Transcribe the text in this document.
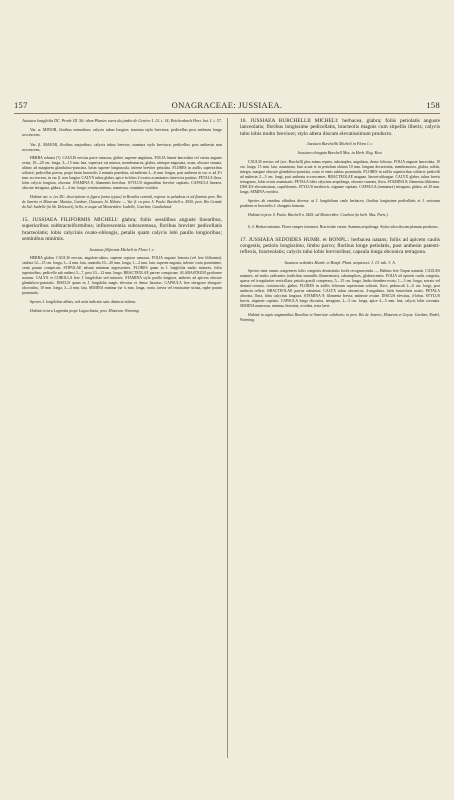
157	ONAGRACEAE: JUSSIAEA.	158

Jussiaea longifolia DC. Prodr. III. 56; idem Plantes rares du jardin de Genève I. 12. t. 14; Reichenbach Hort. bot. I. t. 57.

Var. α. MINOR, floribus minoribus; calycis tubus longior; stamina stylo breviora; pedicellus post anthesin longe accrescens.

Var. β. MAJOR, floribus majoribus; calycis tubus brevior; stamina stylo breviora; pedicellus post anthesin non accrescens.

HERBA robusta (?). CAULIS erectus parce ramosus, glaber, superne angulatus. FOLIA lineari-lanceolata vel varius anguste ovata, 10—20 cm. longa, 3—15 mm. lata, superiora via minora, membranacea, glabra, utrinque angustata, acuta, obscure sinuata, ultimo ad marginem glanduloso-punctata, basin superne longiuscula, inferne breviter petiolata. FLORES in axillis superioribus solitarii; pedicellus parvus, prope basin bracteolis 2 minutis praeditus, ad anthesin 2—6 mm. longus, post anthesin in var. α. ad 2½ mm. accrescens, in var. β. non longior. CALYX tubus glaber, apice in lobos 4 ovatos acuminatos trinervios partitus. PETALA flava, lobis calycis longiora, obovata. STAMINA 8, filamentis brevibus. STYLUS stigmatibus breviter capitatis. CAPSULA linearis, obscure tetragona, glabra, 2—4 cm. longa; semina minima, numerosa, rotundato-ovoidea.

Habitat var. α. (ex DC. descriptione et figura forma typica) in Brasilia centrali, regione in paludosis et ad flumina prov. Rio de Janeiro et Minarum: Martius, Gardner, Claussen, St. Hilaire. — Var. β. ca prov. S. Paulo: Burchell n. 4550; prov. Rio Grande do Sul: Isabelle (in hb. Delessert), Sello, et usque ad Montevideo: Isabelle, Courbon, Gaudichaud.

15. JUSSIAEA FILIFORMIS MICHELI: glabra; foliis sessilibus anguste linearibus, superioribus subbracteiformibus; inflorescentia subracemosa, floribus breviter pedicellatis bracteolatis; lobis calycinis ovato-oblongis, petalis quam calycis lobi paullo longioribus; seminibus minimis.

Jussiaea filiformis Micheli in Flora l. c.

HERBA glabra. CAULIS erectus, angulato-alatus, superne copiose ramosus. FOLIA anguste linearia (vel fere filiformia), caulina 12—15 cm. longa, 3—4 mm. lata, ramealia 10—20 mm. longa, 1—2 mm. lata, superne angusta, inferne costa prominente, venis parum conspicuis. STIPULAE adsunt minimae nigrescentes. FLORES quam in J. longifolia multo minores, foliis superioribus, pedicello sub anthesi 3—7, post 10—12 mm. longo. BRACTEOLAE parvae conspicuae. ALABASTRUM pyriforme acutum. CALYX et COROLLA fere J. longifoliae sed minores. STAMINA stylo paullo longiora, antheris ad apicem obscure glanduloso-punctatis. DISCUS quam in J. longifolia magis elevatus et dense hirsutus. CAPSULA fere tetragona elongato-obovoidea, 10 mm. longa, 3—4 mm. lata. SEMINA minima via ¼ mm. longa, ovata, laevia vel tenuissime striata, raphe parum prominula.

Species J. longifoliae affinis, sed notis indicatis satis distincta videtur.

Habitat in tura Lappinha prope Lagoa Santa, prov. Minarum: Warming.

16. JUSSIAEA BURCHELLII MICHELI: herbacea, glabra; foliis petiolatis anguste lanceolatis; floribus longissime pedicellatis, bracteolis magnis cum stipellis liberis; calycis tubo lobis multo breviore; stylo altera discum elevatissimum producto.

Jussiaea Burchellii Micheli in Flora l. c.

Jussiaea elongata Burchell Mss. in Herb. Reg. Kew.

CAULIS erectus vel (sec. Burchell) plus minus repens, subsimplex, angulatus, dense foliosus. FOLIA anguste lanceolata, 10 cm. longa, 15 mm. lata, acuminata, basi acuta et in petiolum alatum 10 mm. longum decurrentia, membranacea, glabra, solida, integra, margine obscure glanduloso-punctata, costa et venis subtus prominulis. FLORES in axillis superioribus solitarii; pedicelli ad anthesin 2—3 cm. longi, post anthesin accrescentes. BRACTEOLAE magnae, lineari-oblongae. CALYX glaber, tubus brevis tetragonus, lobis ovatis acuminatis. PETALA lobis calycinis aequilonga, obovato-cuneata, flava. STAMINA 8; filamenta filiformia. DISCUS elevatissimus, cupuliformis. STYLUS mediocris, stigmate capitato. CAPSULA (immatura) tetragona, glabra, ad 20 mm. longa. SEMINA ovoidea.

Species ab omnibus affinibus diversa: ut J. longifolium caule herbaceo, floribus longissime pedicellatis et J. sericeam praebens et bracteolis J. elongatis formam.

Habitat in prov. S. Paulo: Burchell n. 5465; ad Montevideo: Courbon (in herb. Mus. Paris.).

§. 4. Herbae natantes. Flores semper tetrameri. Bracteolae variae. Stamina aequilonga. Stylus ultra discum planum productus.

17. JUSSIAEA SEDOIDES HUMB. et BONPL.: herbacea natans; foliis ad apicem caulis congestis, petiolo longissimo, limbo parvo; floribus longe petiolatis, post anthesin patenti-reflexis, bracteolatis; calycis tubo lobis brevioribus; capsula longa obconica tetragona.

Jussiaea sedoides Humb. et Bonpl. Plant. aequinoct. I. 13. tab. 3. A.

Species inter omnes congeneres foliis congestis denticulatis facile recognoscenda. — Habitus fere Trapae natantis. CAULES natantes, ad nodos radicantes (radicibus nonnullis filamentosis), subsimplices, glabrescentes. FOLIA ad apicem caulis congesta, sparsa vel irregulariter verticillata; petiolo gracili compresso, 5—15 cm. longo; limbo rhombeo-ovato, 1—3 cm. longo, serrato vel dentato-crenato, crassiusculo, glabro. FLORES in axillis foliorum superiorum solitarii, flavi; pedunculi 2—6 cm. longi, post anthesin reflexi. BRACTEOLAE parvae subulatae. CALYX tubus obconicus, 4-angulatus, lobis lanceolatis acutis. PETALA obovata, flava, lobis calycinis longiora. STAMINA 8; filamenta brevia; antherae ovatae. DISCUS elevatus, 4-lobus. STYLUS brevis, stigmate capitato. CAPSULA longe obconica, tetragona, 2—3 cm. longa, apice 4—5 mm. lata, calycis lobis coronata. SEMINA numerosa, minima, biseriata, ovoidea, testa laevi.

Habitat in aquis stagnantibus Brasiliae et Americae calidioris; in prov. Rio de Janeiro, Minarum et Goyaz: Gardner, Riedel, Warming.
